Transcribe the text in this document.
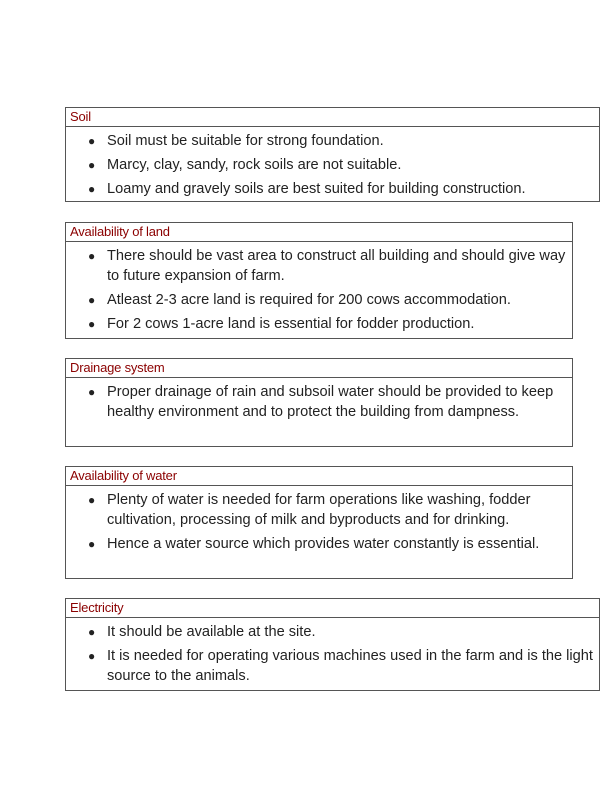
Soil
● Soil must be suitable for strong foundation.
● Marcy, clay, sandy, rock soils are not suitable.
● Loamy and gravely soils are best suited for building construction.
Availability of land
● There should be vast area to construct all building and should give way to future expansion of farm.
● Atleast 2-3 acre land is required for 200 cows accommodation.
● For 2 cows 1-acre land is essential for fodder production.
Drainage system
● Proper drainage of rain and subsoil water should be provided to keep healthy environment and to protect the building from dampness.
Availability of water
● Plenty of water is needed for farm operations like washing, fodder cultivation, processing of milk and byproducts and for drinking.
● Hence a water source which provides water constantly is essential.
Electricity
● It should be available at the site.
● It is needed for operating various machines used in the farm and is the light source to the animals.
